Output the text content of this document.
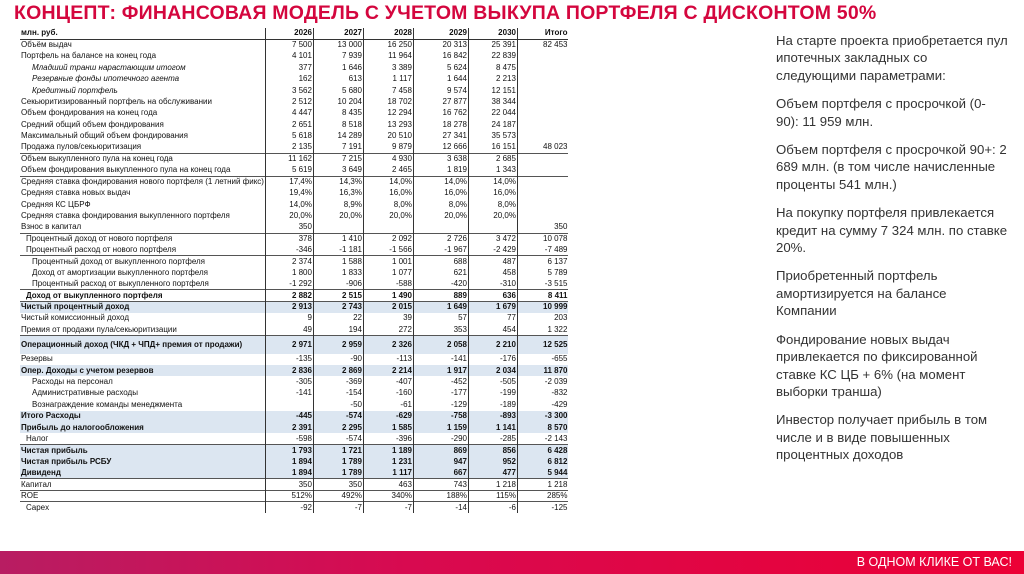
КОНЦЕПТ: ФИНАНСОВАЯ МОДЕЛЬ С УЧЕТОМ ВЫКУПА ПОРТФЕЛЯ С ДИСКОНТОМ 50%
млн. руб.	2026	2027	2028	2029	2030	Итого
Объём выдач	7 500	13 000	16 250	20 313	25 391	82 453
Портфель на балансе на конец года	4 101	7 939	11 964	16 842	22 839	
Младший транш нарастающим итогом	377	1 646	3 389	5 624	8 475	
Резервные фонды ипотечного агента	162	613	1 117	1 644	2 213	
Кредитный портфель	3 562	5 680	7 458	9 574	12 151	
Секьюритизированный портфель на обслуживании	2 512	10 204	18 702	27 877	38 344	
Объем фондирования на конец года	4 447	8 435	12 294	16 762	22 044	
Средний общий объем фондирования	2 651	8 518	13 293	18 278	24 187	
Максимальный общий объем фондирования	5 618	14 289	20 510	27 341	35 573	
Продажа пулов/секьюритизация	2 135	7 191	9 879	12 666	16 151	48 023
Объем выкупленного пула на конец года	11 162	7 215	4 930	3 638	2 685	
Объем фондирования выкупленного пула на конец года	5 619	3 649	2 465	1 819	1 343	
Средняя ставка фондирования нового портфеля (1 летний фикс)	17,4%	14,3%	14,0%	14,0%	14,0%	
Средняя ставка новых выдач	19,4%	16,3%	16,0%	16,0%	16,0%	
Средняя КС ЦБРФ	14,0%	8,9%	8,0%	8,0%	8,0%	
Средняя ставка фондирования выкупленного портфеля	20,0%	20,0%	20,0%	20,0%	20,0%	
Взнос в капитал	350					350
Процентный доход от нового портфеля	378	1 410	2 092	2 726	3 472	10 078
Процентный расход от нового портфеля	-346	-1 181	-1 566	-1 967	-2 429	-7 489
Процентный доход от выкупленного портфеля	2 374	1 588	1 001	688	487	6 137
Доход от амортизации выкупленного портфеля	1 800	1 833	1 077	621	458	5 789
Процентный расход от выкупленного портфеля	-1 292	-906	-588	-420	-310	-3 515
Доход от выкупленного портфеля	2 882	2 515	1 490	889	636	8 411
Чистый процентный доход	2 913	2 743	2 015	1 649	1 679	10 999
Чистый комиссионный доход	9	22	39	57	77	203
Премия от продажи пула/секьюритизации	49	194	272	353	454	1 322
Операционный доход (ЧКД + ЧПД+ премия от продажи)	2 971	2 959	2 326	2 058	2 210	12 525
Резервы	-135	-90	-113	-141	-176	-655
Опер. Доходы с учетом резервов	2 836	2 869	2 214	1 917	2 034	11 870
Расходы на персонал	-305	-369	-407	-452	-505	-2 039
Административные расходы	-141	-154	-160	-177	-199	-832
Вознаграждение команды менеджмента		-50	-61	-129	-189	-429
Итого Расходы	-445	-574	-629	-758	-893	-3 300
Прибыль до налогообложения	2 391	2 295	1 585	1 159	1 141	8 570
Налог	-598	-574	-396	-290	-285	-2 143
Чистая прибыль	1 793	1 721	1 189	869	856	6 428
Чистая прибыль РСБУ	1 894	1 789	1 231	947	952	6 812
Дивиденд	1 894	1 789	1 117	667	477	5 944
Капитал	350	350	463	743	1 218	1 218
ROE	512%	492%	340%	188%	115%	285%
Capex	-92	-7	-7	-14	-6	-125

На старте проекта приобретается пул ипотечных закладных со следующими параметрами:

Объем портфеля с просрочкой (0-90): 11 959 млн.

Объем портфеля с просрочкой 90+: 2 689 млн. (в том числе начисленные проценты 541 млн.)

На покупку портфеля привлекается кредит на сумму 7 324 млн. по ставке 20%.

Приобретенный портфель амортизируется на балансе Компании

Фондирование новых выдач привлекается по фиксированной ставке КС ЦБ + 6% (на момент выборки транша)

Инвестор получает прибыль в том числе и в виде повышенных процентных доходов

В ОДНОМ КЛИКЕ ОТ ВАС!
